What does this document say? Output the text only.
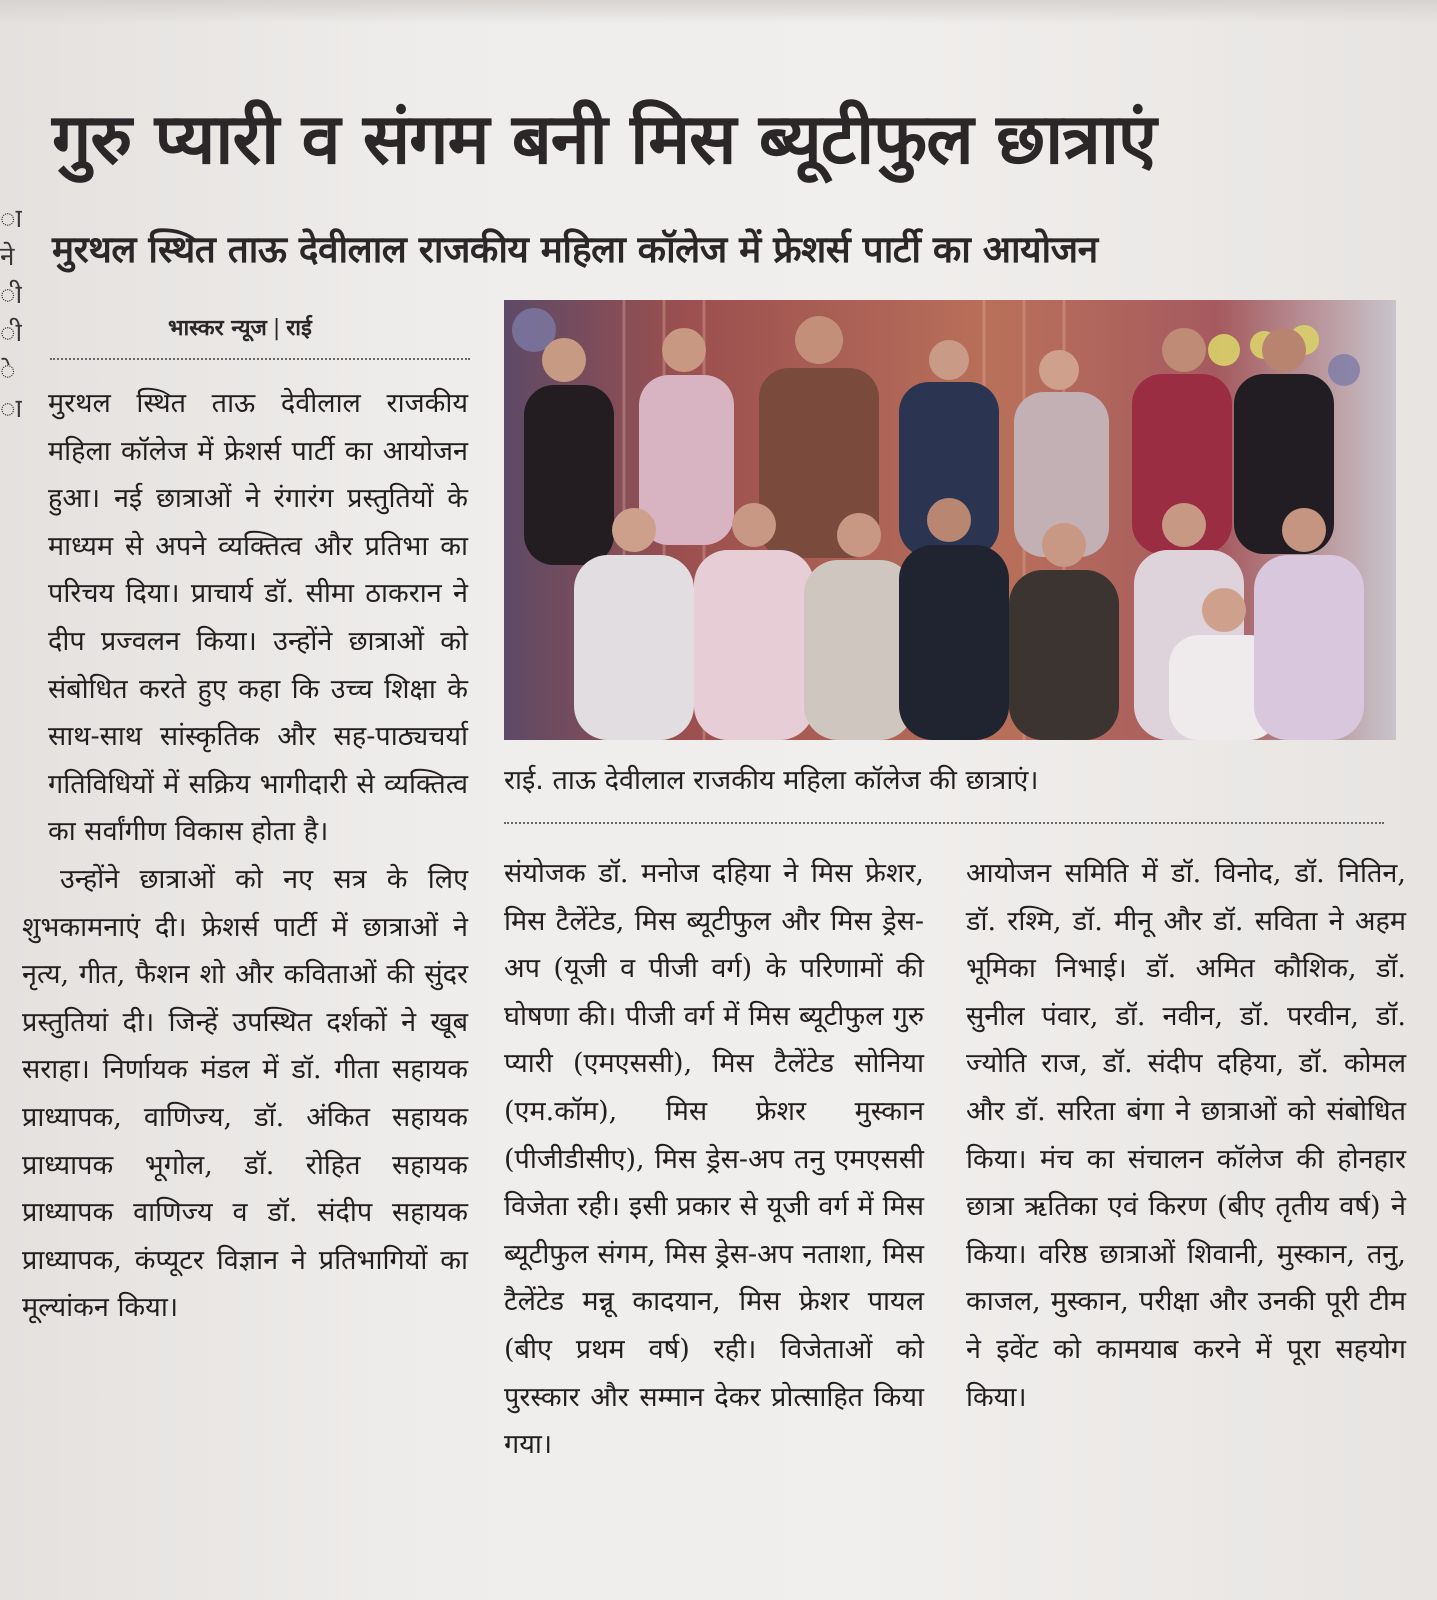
ा
ने
ी
ी
े
ा
गुरु प्यारी व संगम बनी मिस ब्यूटीफुल छात्राएं
मुरथल स्थित ताऊ देवीलाल राजकीय महिला कॉलेज में फ्रेशर्स पार्टी का आयोजन
भास्कर न्यूज | राई
राई. ताऊ देवीलाल राजकीय महिला कॉलेज की छात्राएं।

मुरथल स्थित ताऊ देवीलाल राजकीय महिला कॉलेज में फ्रेशर्स पार्टी का आयोजन हुआ। नई छात्राओं ने रंगारंग प्रस्तुतियों के माध्यम से अपने व्यक्तित्व और प्रतिभा का परिचय दिया। प्राचार्य डॉ. सीमा ठाकरान ने दीप प्रज्वलन किया। उन्होंने छात्राओं को संबोधित करते हुए कहा कि उच्च शिक्षा के साथ-साथ सांस्कृतिक और सह-पाठ्यचर्या गतिविधियों में सक्रिय भागीदारी से व्यक्तित्व का सर्वांगीण विकास होता है।

उन्होंने छात्राओं को नए सत्र के लिए शुभकामनाएं दी। फ्रेशर्स पार्टी में छात्राओं ने नृत्य, गीत, फैशन शो और कविताओं की सुंदर प्रस्तुतियां दी। जिन्हें उपस्थित दर्शकों ने खूब सराहा। निर्णायक मंडल में डॉ. गीता सहायक प्राध्यापक, वाणिज्य, डॉ. अंकित सहायक प्राध्यापक भूगोल, डॉ. रोहित सहायक प्राध्यापक वाणिज्य व डॉ. संदीप सहायक प्राध्यापक, कंप्यूटर विज्ञान ने प्रतिभागियों का मूल्यांकन किया।

संयोजक डॉ. मनोज दहिया ने मिस फ्रेशर, मिस टैलेंटेड, मिस ब्यूटीफुल और मिस ड्रेस-अप (यूजी व पीजी वर्ग) के परिणामों की घोषणा की। पीजी वर्ग में मिस ब्यूटीफुल गुरु प्यारी (एमएससी), मिस टैलेंटेड सोनिया (एम.कॉम), मिस फ्रेशर मुस्कान (पीजीडीसीए), मिस ड्रेस-अप तनु एमएससी विजेता रही। इसी प्रकार से यूजी वर्ग में मिस ब्यूटीफुल संगम, मिस ड्रेस-अप नताशा, मिस टैलेंटेड मन्नू कादयान, मिस फ्रेशर पायल (बीए प्रथम वर्ष) रही। विजेताओं को पुरस्कार और सम्मान देकर प्रोत्साहित किया गया।

आयोजन समिति में डॉ. विनोद, डॉ. नितिन, डॉ. रश्मि, डॉ. मीनू और डॉ. सविता ने अहम भूमिका निभाई। डॉ. अमित कौशिक, डॉ. सुनील पंवार, डॉ. नवीन, डॉ. परवीन, डॉ. ज्योति राज, डॉ. संदीप दहिया, डॉ. कोमल और डॉ. सरिता बंगा ने छात्राओं को संबोधित किया। मंच का संचालन कॉलेज की होनहार छात्रा ऋतिका एवं किरण (बीए तृतीय वर्ष) ने किया। वरिष्ठ छात्राओं शिवानी, मुस्कान, तनु, काजल, मुस्कान, परीक्षा और उनकी पूरी टीम ने इवेंट को कामयाब करने में पूरा सहयोग किया।
